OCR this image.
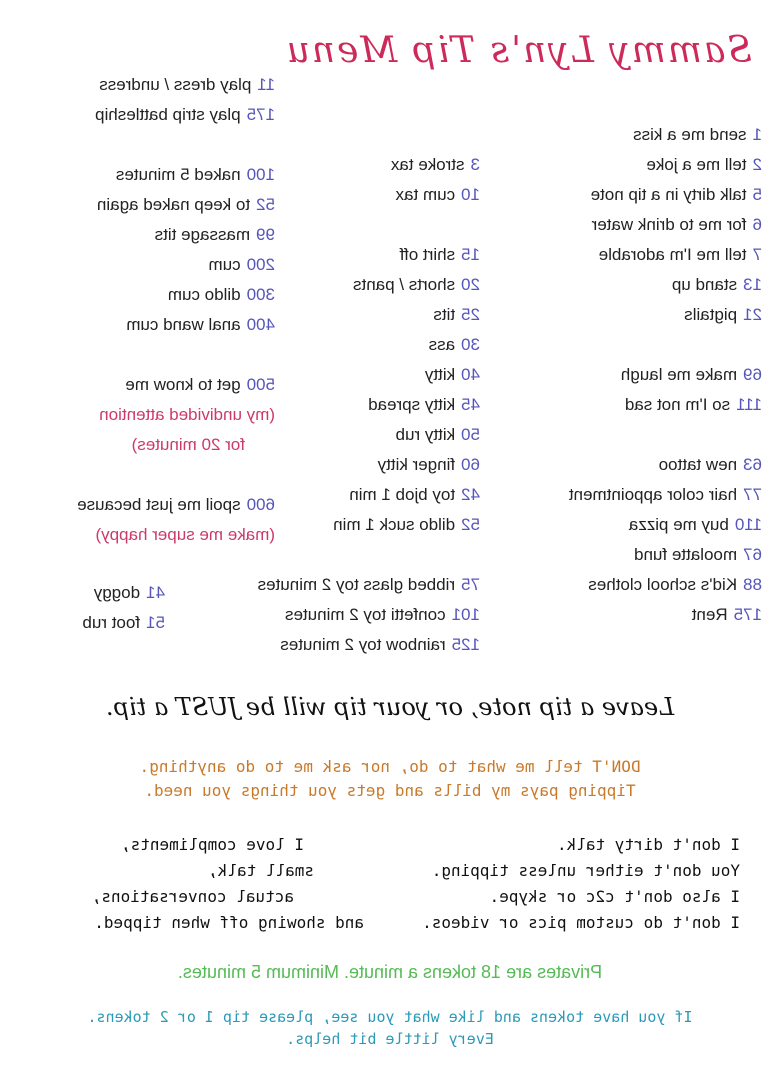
Sammy Lyn's Tip Menu
1send me a kiss
2tell me a joke
5talk dirty in a tip note
6for me to drink water
7tell me I'm adorable
13stand up
21pigtails
69make me laugh
111so I'm not sad
63new tattoo
77hair color appointment
110buy me pizza
67moolatte fund
88Kid's school clothes
175Rent
3stroke tax
10cum tax
15shirt off
20shorts / pants
25tits
30ass
40kitty
45kitty spread
50kitty rub
60finger kitty
42toy bjob 1 min
52dildo suck 1 min
11play dress / undress
175play strip battleship
100naked 5 minutes
52to keep naked again
99massage tits
200cum
300dildo cum
400anal wand cum
500get to know me
(my undivided attention
for 20 minutes)
600spoil me just because
(make me super happy)
75ribbed glass toy 2 minutes
101confetti toy 2 minutes
125rainbow toy 2 minutes
41doggy
51foot rub
Leave a tip note, or your tip will be JUST a tip.
DON'T tell me what to do, nor ask me to do anything.
Tipping pays my bills and gets you things you need.
I don't dirty talk.
You don't either unless tipping.
I also don't c2c or skype.
I don't do custom pics or videos.
I love compliments,
small talk,
actual conversations,
and showing off when tipped.
Privates are 18 tokens a minute. Minimum 5 minutes.
If you have tokens and like what you see, please tip 1 or 2 tokens.
Every little bit helps.
